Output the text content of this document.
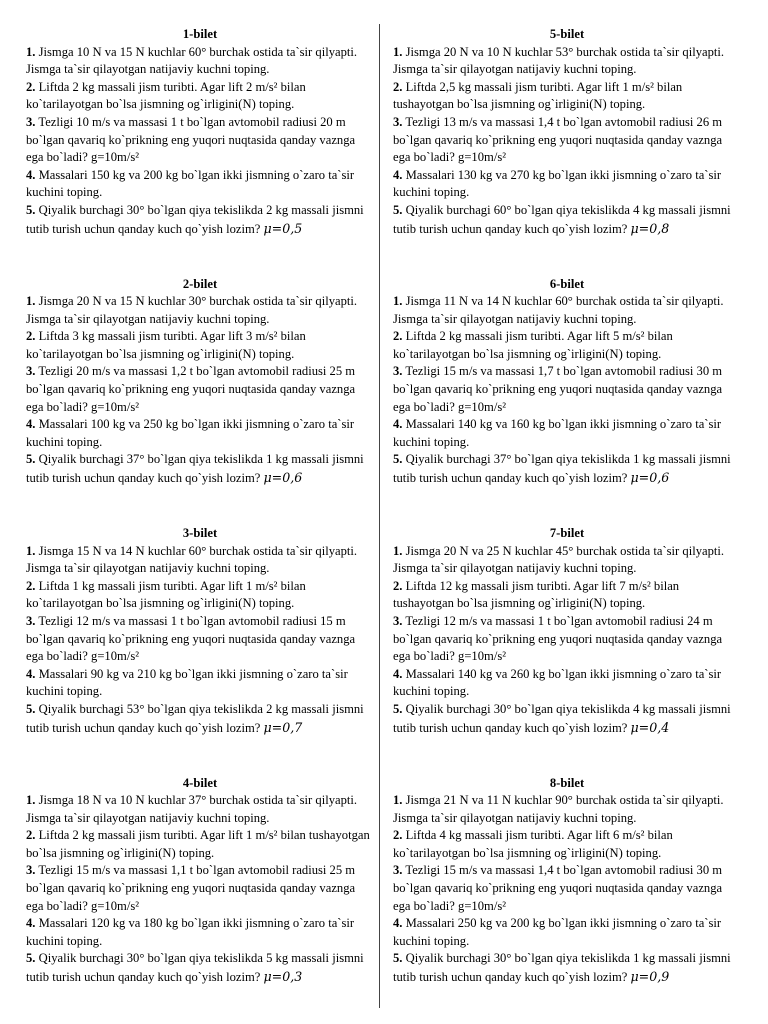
1-bilet

1. Jismga 10 N va 15 N kuchlar 60° burchak ostida ta`sir qilyapti. Jismga ta`sir qilayotgan natijaviy kuchni toping.

2. Liftda 2 kg massali jism turibti. Agar lift 2 m/s² bilan ko`tarilayotgan bo`lsa jismning og`irligini(N) toping.

3. Tezligi 10 m/s va massasi 1 t bo`lgan avtomobil radiusi 20 m bo`lgan qavariq ko`prikning eng yuqori nuqtasida qanday vaznga ega bo`ladi? g=10m/s²

4. Massalari 150 kg va 200 kg bo`lgan ikki jismning o`zaro ta`sir kuchini toping.

5. Qiyalik burchagi 30° bo`lgan qiya tekislikda 2 kg massali jismni tutib turish uchun qanday kuch qo`yish lozim? μ=0,5

2-bilet

1. Jismga 20 N va 15 N kuchlar 30° burchak ostida ta`sir qilyapti. Jismga ta`sir qilayotgan natijaviy kuchni toping.

2. Liftda 3 kg massali jism turibti. Agar lift 3 m/s² bilan ko`tarilayotgan bo`lsa jismning og`irligini(N) toping.

3. Tezligi 20 m/s va massasi 1,2 t bo`lgan avtomobil radiusi 25 m bo`lgan qavariq ko`prikning eng yuqori nuqtasida qanday vaznga ega bo`ladi? g=10m/s²

4. Massalari 100 kg va 250 kg bo`lgan ikki jismning o`zaro ta`sir kuchini toping.

5. Qiyalik burchagi 37° bo`lgan qiya tekislikda 1 kg massali jismni tutib turish uchun qanday kuch qo`yish lozim? μ=0,6

3-bilet

1. Jismga 15 N va 14 N kuchlar 60° burchak ostida ta`sir qilyapti. Jismga ta`sir qilayotgan natijaviy kuchni toping.

2. Liftda 1 kg massali jism turibti. Agar lift 1 m/s² bilan ko`tarilayotgan bo`lsa jismning og`irligini(N) toping.

3. Tezligi 12 m/s va massasi 1 t bo`lgan avtomobil radiusi 15 m bo`lgan qavariq ko`prikning eng yuqori nuqtasida qanday vaznga ega bo`ladi? g=10m/s²

4. Massalari 90 kg va 210 kg bo`lgan ikki jismning o`zaro ta`sir kuchini toping.

5. Qiyalik burchagi 53° bo`lgan qiya tekislikda 2 kg massali jismni tutib turish uchun qanday kuch qo`yish lozim? μ=0,7

4-bilet

1. Jismga 18 N va 10 N kuchlar 37° burchak ostida ta`sir qilyapti. Jismga ta`sir qilayotgan natijaviy kuchni toping.

2. Liftda 2 kg massali jism turibti. Agar lift 1 m/s² bilan tushayotgan bo`lsa jismning og`irligini(N) toping.

3. Tezligi 15 m/s va massasi 1,1 t bo`lgan avtomobil radiusi 25 m bo`lgan qavariq ko`prikning eng yuqori nuqtasida qanday vaznga ega bo`ladi? g=10m/s²

4. Massalari 120 kg va 180 kg bo`lgan ikki jismning o`zaro ta`sir kuchini toping.

5. Qiyalik burchagi 30° bo`lgan qiya tekislikda 5 kg massali jismni tutib turish uchun qanday kuch qo`yish lozim? μ=0,3

5-bilet

1. Jismga 20 N va 10 N kuchlar 53° burchak ostida ta`sir qilyapti. Jismga ta`sir qilayotgan natijaviy kuchni toping.

2. Liftda 2,5 kg massali jism turibti. Agar lift 1 m/s² bilan tushayotgan bo`lsa jismning og`irligini(N) toping.

3. Tezligi 13 m/s va massasi 1,4 t bo`lgan avtomobil radiusi 26 m bo`lgan qavariq ko`prikning eng yuqori nuqtasida qanday vaznga ega bo`ladi? g=10m/s²

4. Massalari 130 kg va 270 kg bo`lgan ikki jismning o`zaro ta`sir kuchini toping.

5. Qiyalik burchagi 60° bo`lgan qiya tekislikda 4 kg massali jismni tutib turish uchun qanday kuch qo`yish lozim? μ=0,8

6-bilet

1. Jismga 11 N va 14 N kuchlar 60° burchak ostida ta`sir qilyapti. Jismga ta`sir qilayotgan natijaviy kuchni toping.

2. Liftda 2 kg massali jism turibti. Agar lift 5 m/s² bilan ko`tarilayotgan bo`lsa jismning og`irligini(N) toping.

3. Tezligi 15 m/s va massasi 1,7 t bo`lgan avtomobil radiusi 30 m bo`lgan qavariq ko`prikning eng yuqori nuqtasida qanday vaznga ega bo`ladi? g=10m/s²

4. Massalari 140 kg va 160 kg bo`lgan ikki jismning o`zaro ta`sir kuchini toping.

5. Qiyalik burchagi 37° bo`lgan qiya tekislikda 1 kg massali jismni tutib turish uchun qanday kuch qo`yish lozim? μ=0,6

7-bilet

1. Jismga 20 N va 25 N kuchlar 45° burchak ostida ta`sir qilyapti. Jismga ta`sir qilayotgan natijaviy kuchni toping.

2. Liftda 12 kg massali jism turibti. Agar lift 7 m/s² bilan tushayotgan bo`lsa jismning og`irligini(N) toping.

3. Tezligi 12 m/s va massasi 1 t bo`lgan avtomobil radiusi 24 m bo`lgan qavariq ko`prikning eng yuqori nuqtasida qanday vaznga ega bo`ladi? g=10m/s²

4. Massalari 140 kg va 260 kg bo`lgan ikki jismning o`zaro ta`sir kuchini toping.

5. Qiyalik burchagi 30° bo`lgan qiya tekislikda 4 kg massali jismni tutib turish uchun qanday kuch qo`yish lozim? μ=0,4

8-bilet

1. Jismga 21 N va 11 N kuchlar 90° burchak ostida ta`sir qilyapti. Jismga ta`sir qilayotgan natijaviy kuchni toping.

2. Liftda 4 kg massali jism turibti. Agar lift 6 m/s² bilan ko`tarilayotgan bo`lsa jismning og`irligini(N) toping.

3. Tezligi 15 m/s va massasi 1,4 t bo`lgan avtomobil radiusi 30 m bo`lgan qavariq ko`prikning eng yuqori nuqtasida qanday vaznga ega bo`ladi? g=10m/s²

4. Massalari 250 kg va 200 kg bo`lgan ikki jismning o`zaro ta`sir kuchini toping.

5. Qiyalik burchagi 30° bo`lgan qiya tekislikda 1 kg massali jismni tutib turish uchun qanday kuch qo`yish lozim? μ=0,9
